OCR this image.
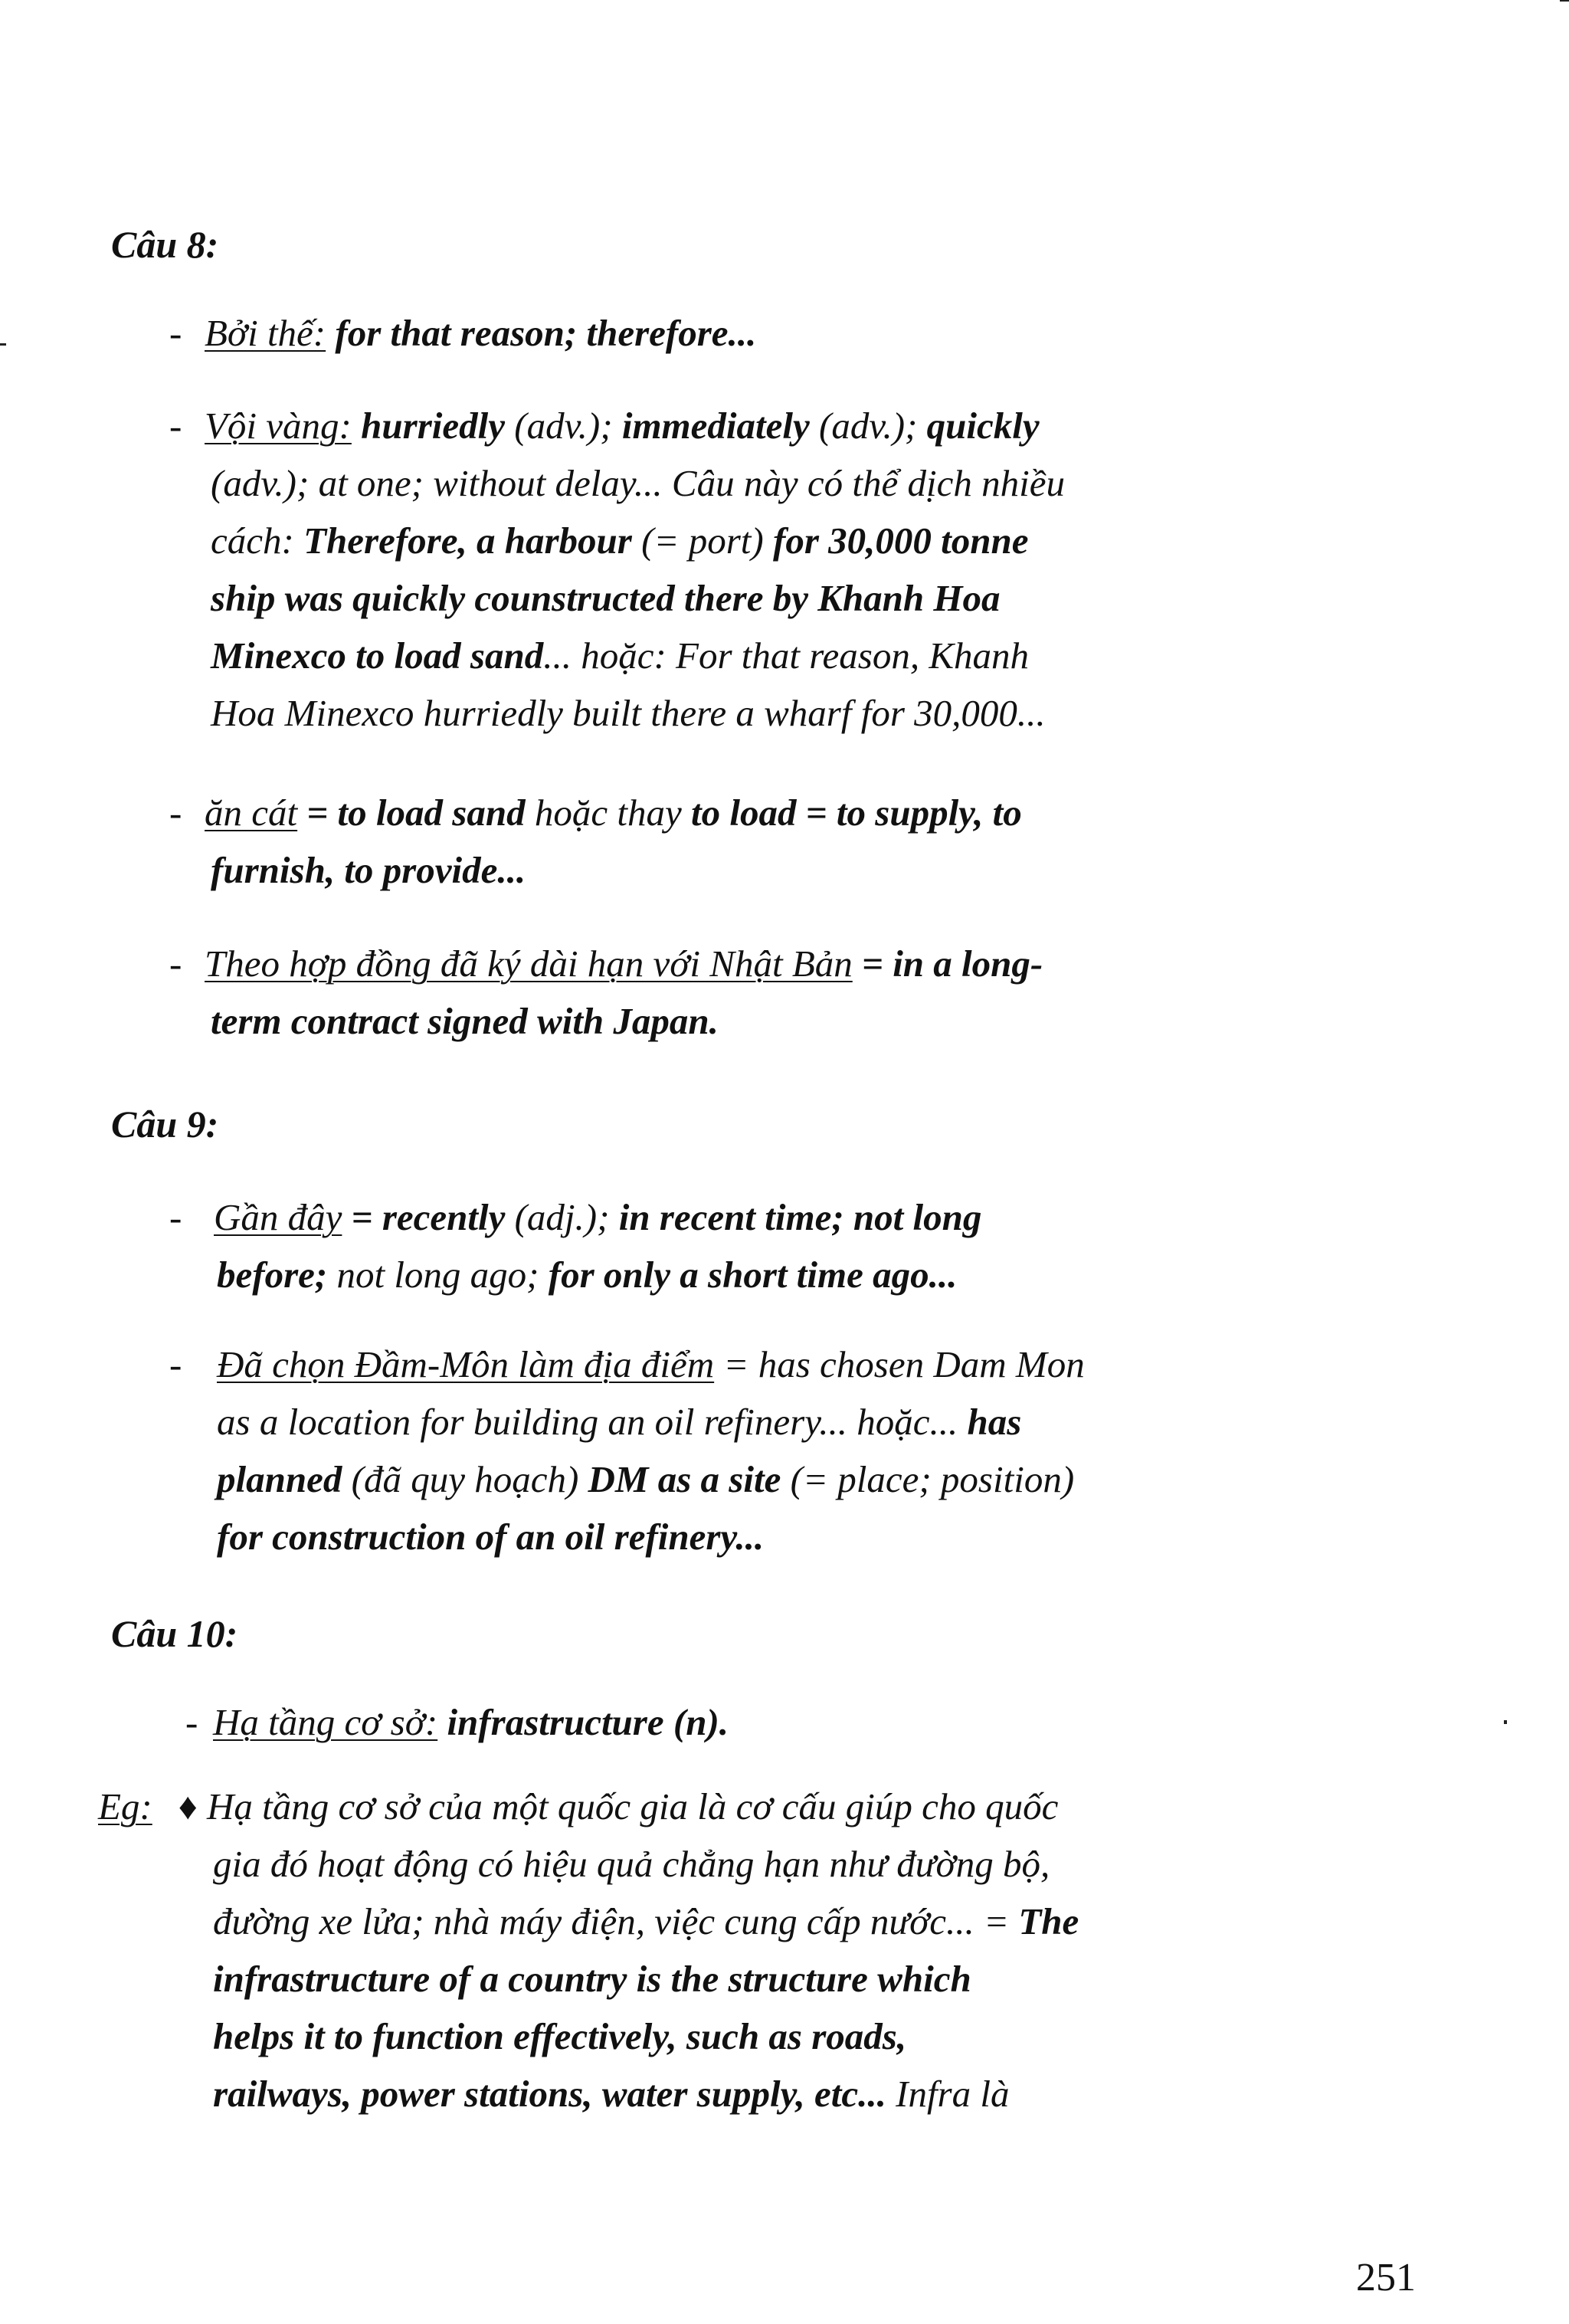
Câu 8:
- Bởi thế: for that reason; therefore...
- Vội vàng: hurriedly (adv.); immediately (adv.); quickly
(adv.); at one; without delay... Câu này có thể dịch nhiều
cách: Therefore, a harbour (= port) for 30,000 tonne
ship was quickly counstructed there by Khanh Hoa
Minexco to load sand... hoặc: For that reason, Khanh
Hoa Minexco hurriedly built there a wharf for 30,000...
- ăn cát = to load sand hoặc thay to load = to supply, to
furnish, to provide...
- Theo hợp đồng đã ký dài hạn với Nhật Bản = in a long-
term contract signed with Japan.
Câu 9:
- Gần đây = recently (adj.); in recent time; not long
before; not long ago; for only a short time ago...
- Đã chọn Đầm-Môn làm địa điểm = has chosen Dam Mon
as a location for building an oil refinery... hoặc... has
planned (đã quy hoạch) DM as a site (= place; position)
for construction of an oil refinery...
Câu 10:
- Hạ tầng cơ sở: infrastructure (n).
Eg: ♦ Hạ tầng cơ sở của một quốc gia là cơ cấu giúp cho quốc
gia đó hoạt động có hiệu quả chẳng hạn như đường bộ,
đường xe lửa; nhà máy điện, việc cung cấp nước... = The
infrastructure of a country is the structure which
helps it to function effectively, such as roads,
railways, power stations, water supply, etc... Infra là
251
